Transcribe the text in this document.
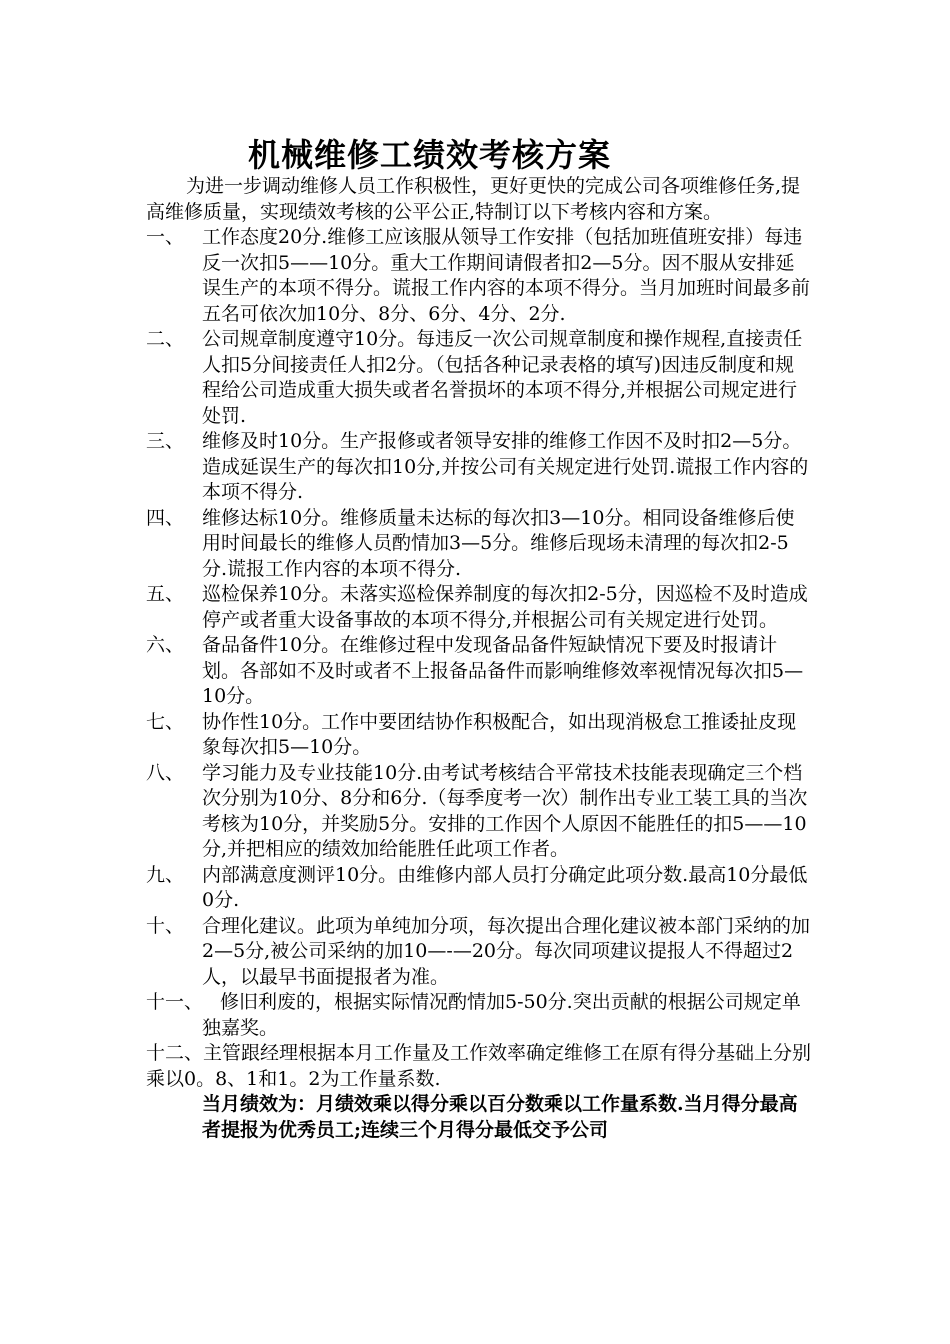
机械维修工绩效考核方案

为进一步调动维修人员工作积极性，更好更快的完成公司各项维修任务,提高维修质量，实现绩效考核的公平公正,特制订以下考核内容和方案。

一、 工作态度20分.维修工应该服从领导工作安排（包括加班值班安排）每违反一次扣5——10分。重大工作期间请假者扣2—5分。因不服从安排延误生产的本项不得分。谎报工作内容的本项不得分。当月加班时间最多前五名可依次加10分、8分、6分、4分、2分.

二、 公司规章制度遵守10分。每违反一次公司规章制度和操作规程,直接责任人扣5分间接责任人扣2分。（包括各种记录表格的填写)因违反制度和规程给公司造成重大损失或者名誉损坏的本项不得分,并根据公司规定进行处罚.

三、 维修及时10分。生产报修或者领导安排的维修工作因不及时扣2—5分。造成延误生产的每次扣10分,并按公司有关规定进行处罚.谎报工作内容的本项不得分.

四、 维修达标10分。维修质量未达标的每次扣3—10分。相同设备维修后使用时间最长的维修人员酌情加3—5分。维修后现场未清理的每次扣2-5分.谎报工作内容的本项不得分.

五、 巡检保养10分。未落实巡检保养制度的每次扣2-5分，因巡检不及时造成停产或者重大设备事故的本项不得分,并根据公司有关规定进行处罚。

六、 备品备件10分。在维修过程中发现备品备件短缺情况下要及时报请计划。各部如不及时或者不上报备品备件而影响维修效率视情况每次扣5—10分。

七、 协作性10分。工作中要团结协作积极配合，如出现消极怠工推诿扯皮现象每次扣5—10分。

八、 学习能力及专业技能10分.由考试考核结合平常技术技能表现确定三个档次分别为10分、8分和6分.（每季度考一次）制作出专业工装工具的当次考核为10分，并奖励5分。安排的工作因个人原因不能胜任的扣5——10分,并把相应的绩效加给能胜任此项工作者。

九、 内部满意度测评10分。由维修内部人员打分确定此项分数.最高10分最低0分.

十、 合理化建议。此项为单纯加分项，每次提出合理化建议被本部门采纳的加2—5分,被公司采纳的加10—-—20分。每次同项建议提报人不得超过2人，以最早书面提报者为准。

十一、 修旧利废的，根据实际情况酌情加5-50分.突出贡献的根据公司规定单独嘉奖。

十二、主管跟经理根据本月工作量及工作效率确定维修工在原有得分基础上分别乘以0。8、1和1。2为工作量系数.

当月绩效为：月绩效乘以得分乘以百分数乘以工作量系数.当月得分最高者提报为优秀员工;连续三个月得分最低交予公司
